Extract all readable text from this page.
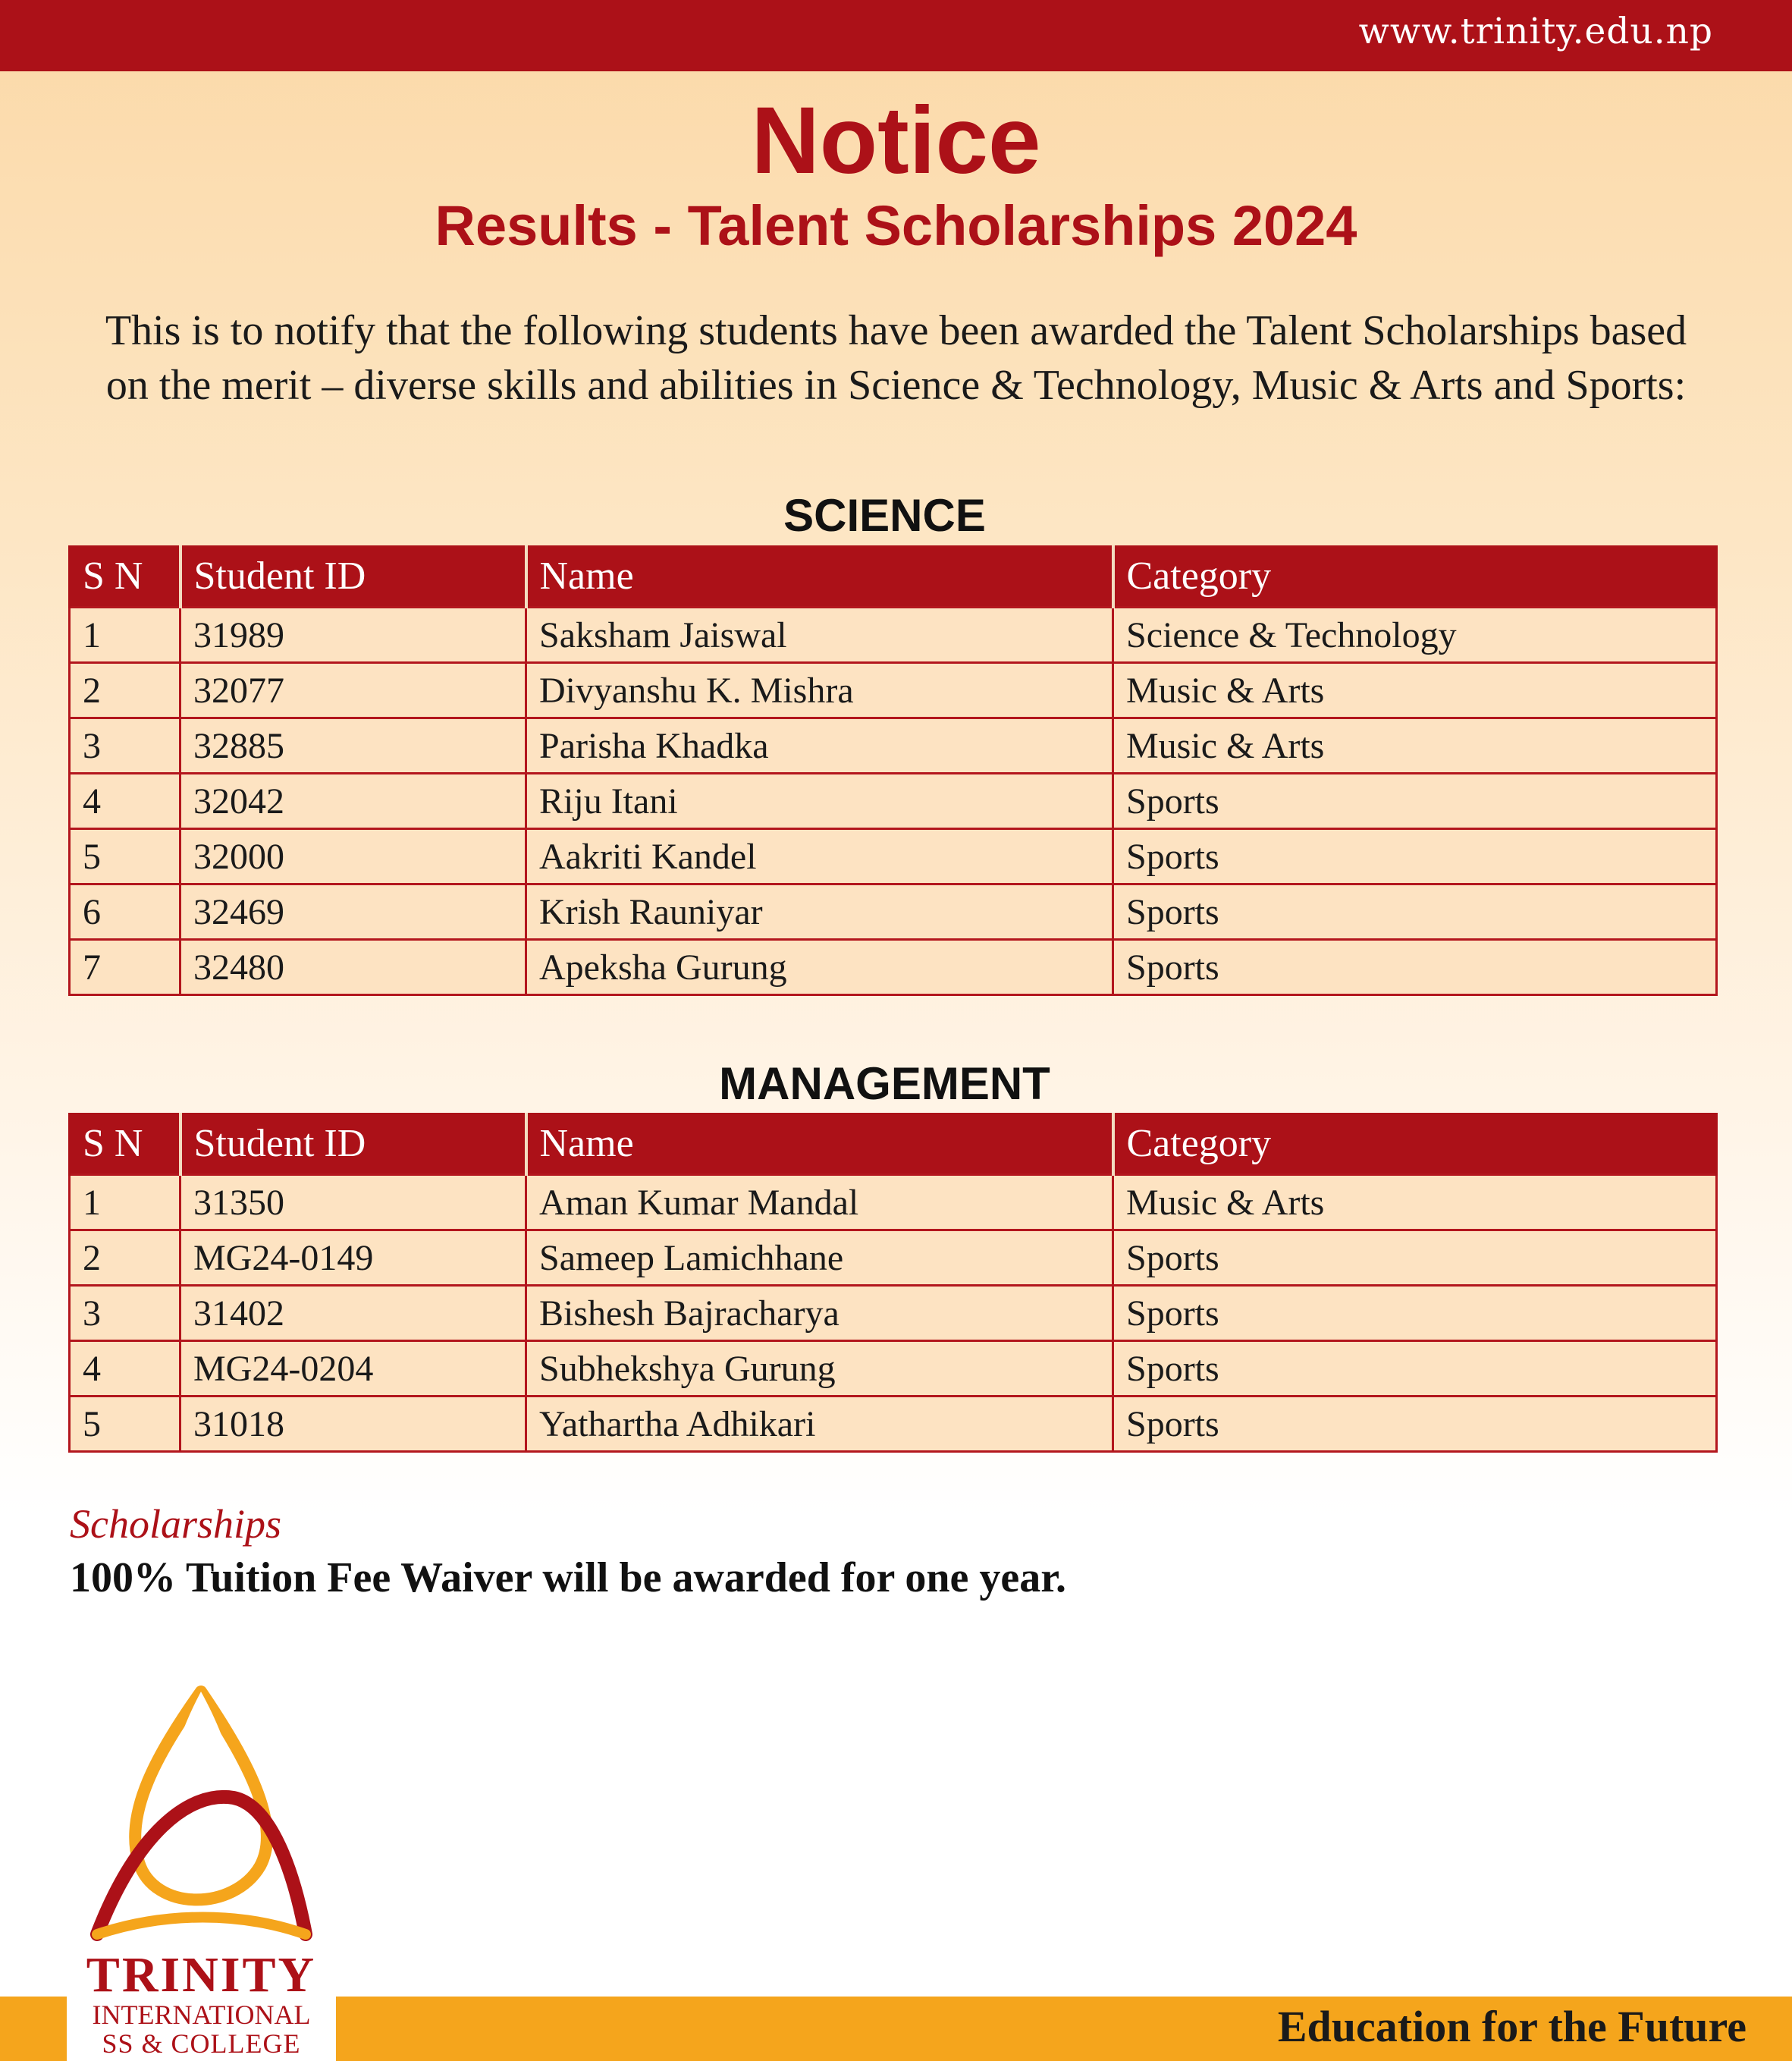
www.trinity.edu.np
Notice
Results - Talent Scholarships 2024
This is to notify that the following students have been awarded the Talent Scholarships based
on the merit – diverse skills and abilities in Science & Technology, Music & Arts and Sports:
SCIENCE
S N	Student ID	Name	Category
1	31989	Saksham Jaiswal	Science & Technology
2	32077	Divyanshu K. Mishra	Music & Arts
3	32885	Parisha Khadka	Music & Arts
4	32042	Riju Itani	Sports
5	32000	Aakriti Kandel	Sports
6	32469	Krish Rauniyar	Sports
7	32480	Apeksha Gurung	Sports
MANAGEMENT
S N	Student ID	Name	Category
1	31350	Aman Kumar Mandal	Music & Arts
2	MG24-0149	Sameep Lamichhane	Sports
3	31402	Bishesh Bajracharya	Sports
4	MG24-0204	Subhekshya Gurung	Sports
5	31018	Yathartha Adhikari	Sports
Scholarships
100% Tuition Fee Waiver will be awarded for one year.
Education for the Future
TRINITY
INTERNATIONAL
SS & COLLEGE
